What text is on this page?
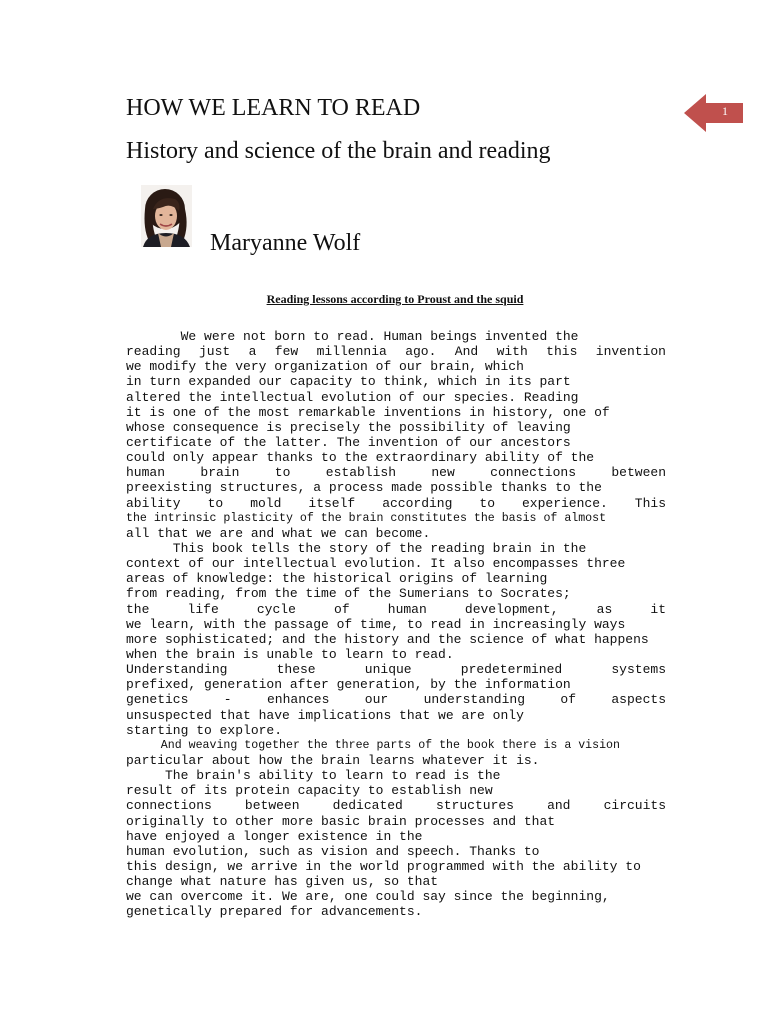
HOW WE LEARN TO READ
History and science of the brain and reading
1
Maryanne Wolf
Reading lessons according to Proust and the squid
We were not born to read. Human beings invented the
reading just a few millennia ago. And with this invention
we modify the very organization of our brain, which
in turn expanded our capacity to think, which in its part
altered the intellectual evolution of our species. Reading
it is one of the most remarkable inventions in history, one of
whose consequence is precisely the possibility of leaving
certificate of the latter. The invention of our ancestors
could only appear thanks to the extraordinary ability of the
human brain to establish new connections between
preexisting structures, a process made possible thanks to the
ability to mold itself according to experience. This
the intrinsic plasticity of the brain constitutes the basis of almost
all that we are and what we can become.
This book tells the story of the reading brain in the
context of our intellectual evolution. It also encompasses three
areas of knowledge: the historical origins of learning
from reading, from the time of the Sumerians to Socrates;
the life cycle of human development, as it
we learn, with the passage of time, to read in increasingly ways
more sophisticated; and the history and the science of what happens
when the brain is unable to learn to read.
Understanding these unique predetermined systems
prefixed, generation after generation, by the information
genetics - enhances our understanding of aspects
unsuspected that have implications that we are only
starting to explore.
And weaving together the three parts of the book there is a vision
particular about how the brain learns whatever it is.
The brain's ability to learn to read is the
result of its protein capacity to establish new
connections between dedicated structures and circuits
originally to other more basic brain processes and that
have enjoyed a longer existence in the
human evolution, such as vision and speech. Thanks to
this design, we arrive in the world programmed with the ability to
change what nature has given us, so that
we can overcome it. We are, one could say since the beginning,
genetically prepared for advancements.
